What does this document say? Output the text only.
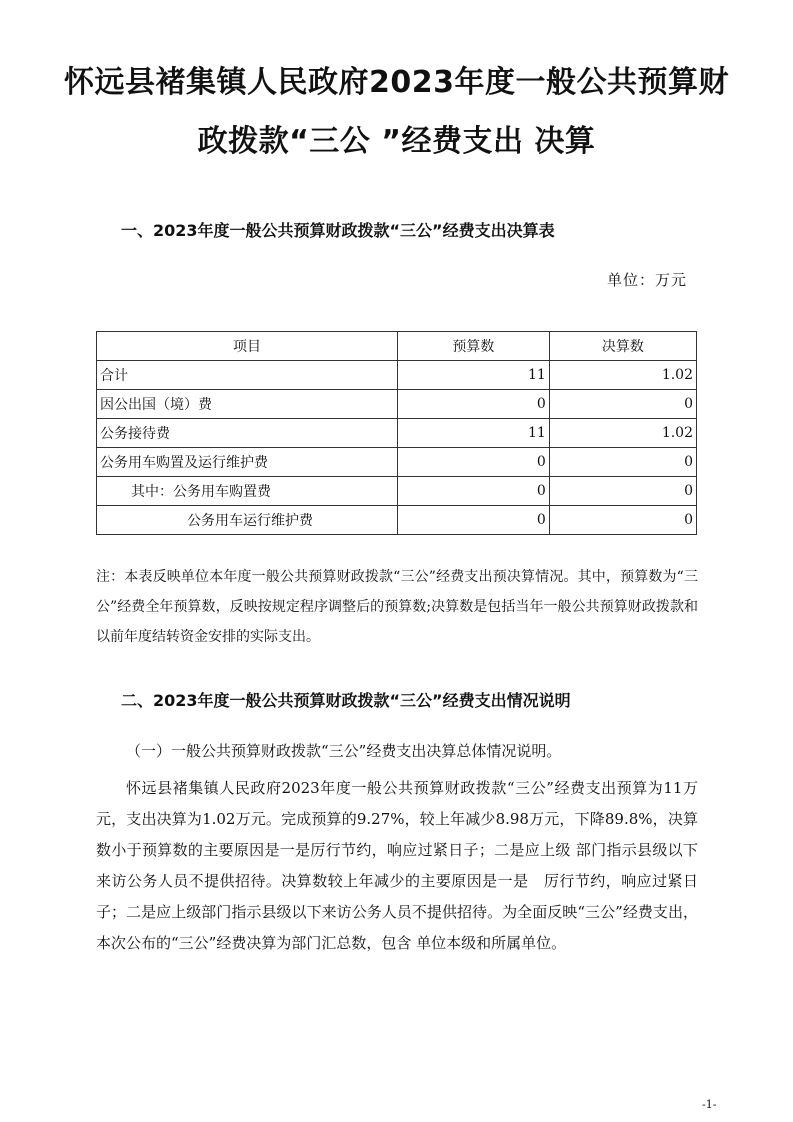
怀远县褚集镇人民政府2023年度一般公共预算财
政拨款“三公 ”经费支出 决算
一、2023年度一般公共预算财政拨款“三公”经费支出决算表
单位：万元
项目	预算数	决算数
合计	11	1.02
因公出国（境）费	0	0
公务接待费	11	1.02
公务用车购置及运行维护费	0	0
其中：公务用车购置费	0	0
公务用车运行维护费	0	0
注：本表反映单位本年度一般公共预算财政拨款“三公”经费支出预决算情况。其中，预算数为“三公”经费全年预算数，反映按规定程序调整后的预算数;决算数是包括当年一般公共预算财政拨款和以前年度结转资金安排的实际支出。
二、2023年度一般公共预算财政拨款“三公”经费支出情况说明
（一）一般公共预算财政拨款“三公”经费支出决算总体情况说明。
怀远县褚集镇人民政府2023年度一般公共预算财政拨款“三公”经费支出预算为11万元，支出决算为1.02万元。完成预算的9.27%，较上年减少8.98万元，下降89.8%，决算数小于预算数的主要原因是一是厉行节约，响应过紧日子；二是应上级 部门指示县级以下来访公务人员不提供招待。决算数较上年减少的主要原因是一是　厉行节约，响应过紧日子；二是应上级部门指示县级以下来访公务人员不提供招待。为全面反映“三公”经费支出，本次公布的“三公”经费决算为部门汇总数，包含 单位本级和所属单位。
-1-
